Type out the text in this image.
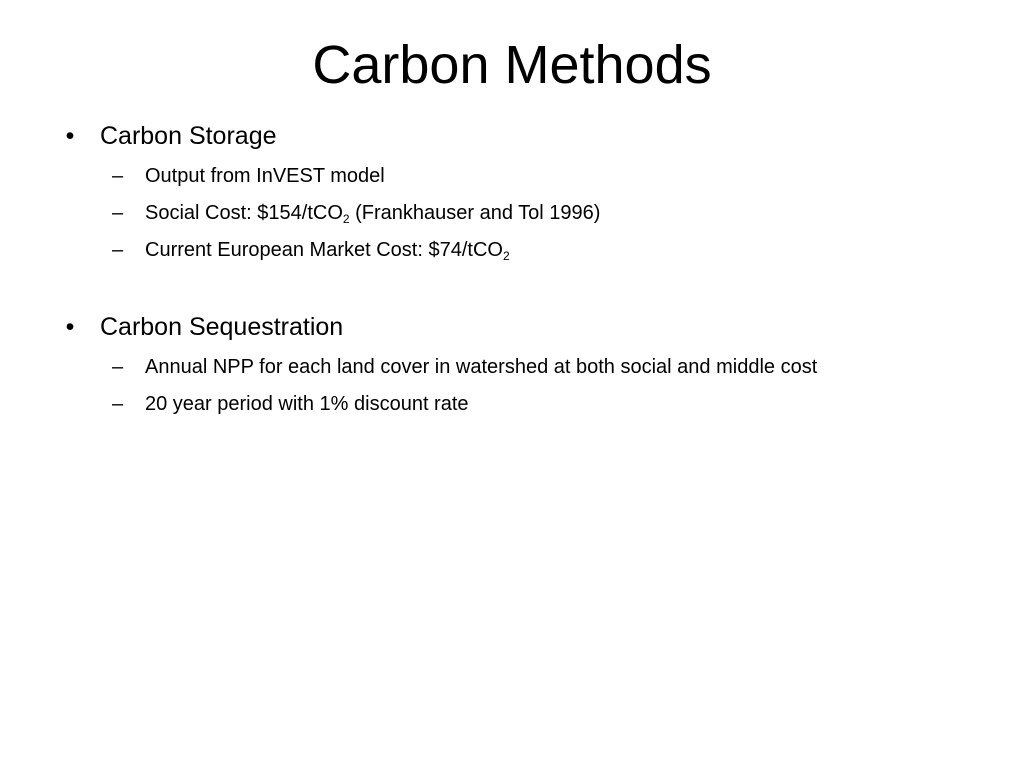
Carbon Methods
• Carbon Storage
– Output from InVEST model
– Social Cost: $154/tCO$_2$ (Frankhauser and Tol 1996)
– Current European Market Cost: $74/tCO$_2$
• Carbon Sequestration
– Annual NPP for each land cover in watershed at both social and middle cost
– 20 year period with 1% discount rate
